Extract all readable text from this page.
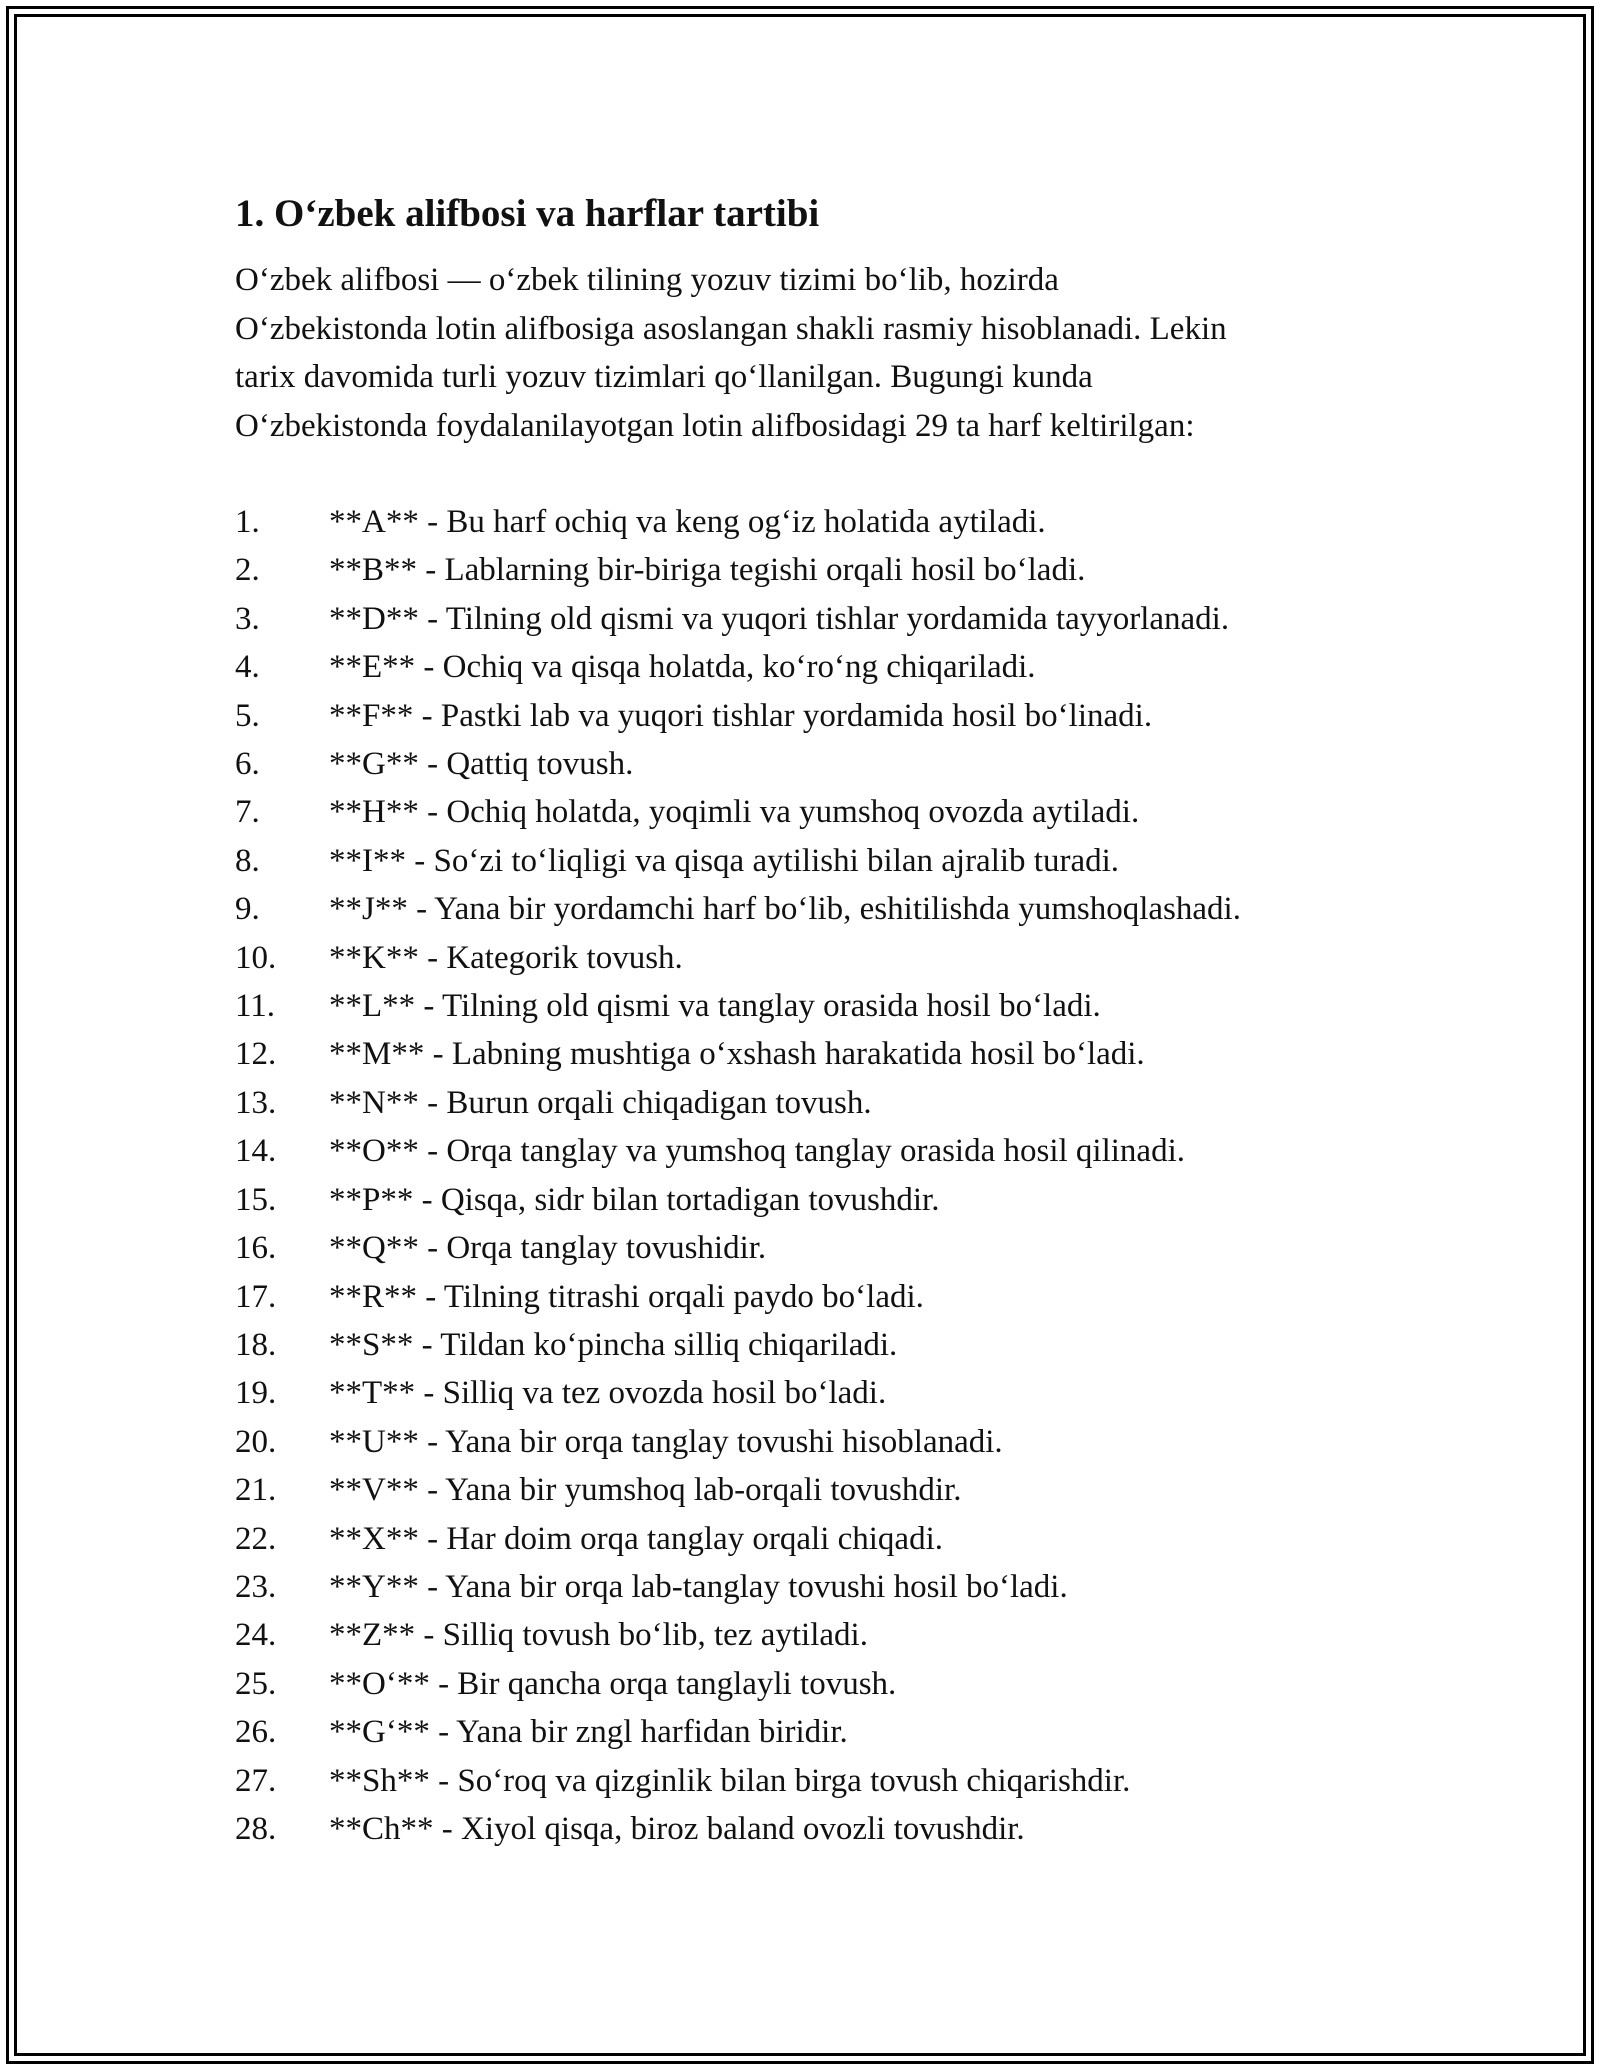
1. O‘zbek alifbosi va harflar tartibi

O‘zbek alifbosi — o‘zbek tilining yozuv tizimi bo‘lib, hozirda
O‘zbekistonda lotin alifbosiga asoslangan shakli rasmiy hisoblanadi. Lekin
tarix davomida turli yozuv tizimlari qo‘llanilgan. Bugungi kunda
O‘zbekistonda foydalanilayotgan lotin alifbosidagi 29 ta harf keltirilgan:

1.	**A** - Bu harf ochiq va keng og‘iz holatida aytiladi.
2.	**B** - Lablarning bir-biriga tegishi orqali hosil bo‘ladi.
3.	**D** - Tilning old qismi va yuqori tishlar yordamida tayyorlanadi.
4.	**E** - Ochiq va qisqa holatda, ko‘ro‘ng chiqariladi.
5.	**F** - Pastki lab va yuqori tishlar yordamida hosil bo‘linadi.
6.	**G** - Qattiq tovush.
7.	**H** - Ochiq holatda, yoqimli va yumshoq ovozda aytiladi.
8.	**I** - So‘zi to‘liqligi va qisqa aytilishi bilan ajralib turadi.
9.	**J** - Yana bir yordamchi harf bo‘lib, eshitilishda yumshoqlashadi.
10.	**K** - Kategorik tovush.
11.	**L** - Tilning old qismi va tanglay orasida hosil bo‘ladi.
12.	**M** - Labning mushtiga o‘xshash harakatida hosil bo‘ladi.
13.	**N** - Burun orqali chiqadigan tovush.
14.	**O** - Orqa tanglay va yumshoq tanglay orasida hosil qilinadi.
15.	**P** - Qisqa, sidr bilan tortadigan tovushdir.
16.	**Q** - Orqa tanglay tovushidir.
17.	**R** - Tilning titrashi orqali paydo bo‘ladi.
18.	**S** - Tildan ko‘pincha silliq chiqariladi.
19.	**T** - Silliq va tez ovozda hosil bo‘ladi.
20.	**U** - Yana bir orqa tanglay tovushi hisoblanadi.
21.	**V** - Yana bir yumshoq lab-orqali tovushdir.
22.	**X** - Har doim orqa tanglay orqali chiqadi.
23.	**Y** - Yana bir orqa lab-tanglay tovushi hosil bo‘ladi.
24.	**Z** - Silliq tovush bo‘lib, tez aytiladi.
25.	**O‘** - Bir qancha orqa tanglayli tovush.
26.	**G‘** - Yana bir zngl harfidan biridir.
27.	**Sh** - So‘roq va qizginlik bilan birga tovush chiqarishdir.
28.	**Ch** - Xiyol qisqa, biroz baland ovozli tovushdir.
